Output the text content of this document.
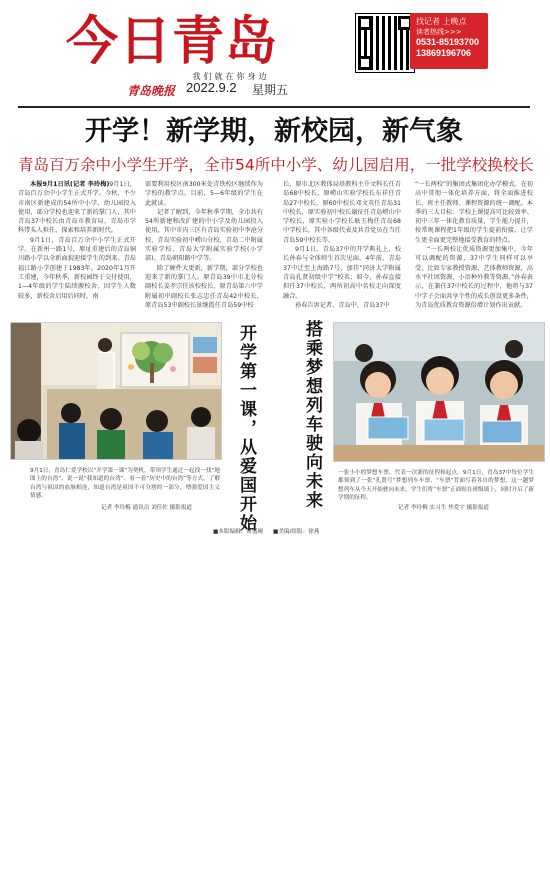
今日青岛
我们就在你身边
青岛晚报 2022.9.2 星期五
找记者 上晚点
读者热线>>>
0531-85193700
13869196706
开学！新学期，新校园，新气象
青岛百万余中小学生开学，全市54所中小学、幼儿园启用，一批学校换校长

本报9月1日讯(记者 李玲梅)9月1日，青岛百万余中小学生正式开学。今秋，不少市南区新建成的54所中小学、幼儿园投入使用，部分学校也迎来了新的掌门人，其中青岛37中校长由青岛市教育局、青岛市学科带头人担任，探索和培养新时代。

9月1日，青岛百万余中小学生正式开学。在新州一路1号，原址重建后的青岛铜川路小学以全新面貌迎接学生的到来。青岛福江路小学创建于1983年，2020年1月开工重建，今年秋季，新校园终于交付使用，1—4年级的学生陆续搬校舍。因学生人数较多，新校舍启用后同时，南

需要利用校区南300米处青铁校区继续作为学校的教学点。目前，5—6年级的学生在此就读。

记者了解到，今年秋季学期，全市共有54所新建和改扩建的中小学及幼儿园投入使用，其中市内三区有青岛实验初中李沧分校、青岛实验初中崂山分校、青岛二中附属实验学校、青岛大学附属实验学校(小学部)、青岛朝阳路中学等。

除了硬件大更新，新学期，部分学校也迎来了新的掌门人。原青岛39中市北分校副校长姜孝宗任该校校长，原青岛第六中学附属初中副校长张志忠任青岛42中校长，原青岛53中副校长景继霞任青岛59中校

长，原市北区教体局基教科主升文科长任青岛68中校长，原崂山实验学校长东祥任青岛27中校长，原60中校长邓文英任青岛31中校长，原实验初中校长谢征任青岛崂山中学校长，原实验小学校长耿玉梅任青岛68中学校长，其中各级代表及共青党员在当任青岛59中校长等。

9月1日，青岛37中的开学典礼上，校长孙春与全体师生首次见面。4年前，青岛37中迁至上海路7号，加挂“同济大学附属青岛孔贤初级中学”校名；如今，孙春直接担任37中校长，两所初高中名校走向深度融合。

孙春告诉记者，青岛中，青岛37中

“一长两校”的集团式集团化办学模式。在初高中贯彻一体化培养方面，将全面推进校长、班主任教师、课程资源的统一调配。本季的三大目标：学校上课提高可比较效率、初中三年一体化教育质量，学生能力提升，按常规课程把1年级的学生提前衔接，让学生更全面更完整地接受教育的特点。

“一长两校让优质资源更加集中，今年可以调配的资源，37中学生同样可以享受，比如专家教授资源，艺体教师资源，高水平社团资源、小语种外教等资源。”孙春表示，在兼任37中校长的过程中，他将与37中学子会面共享个性的成长创设更多条件，为青岛优质教育资源倍增计划作出贡献。

开学第一课，从爱国开始
9月1日，青岛仁爱学校以“开学第一课”为契机，带领学生通过一起找一找“地图上的台湾”、说一说“我知道的台湾”、看一看“历史中的台湾”等方式，了解台湾与祖国的血脉相连，知道台湾是祖国不可分割的一部分，增强爱国主义情感。
记者 李玲梅 通讯员 刘佳佐 摄影报道	搭乘梦想列车驶向未来	一张小小的梦想车票，代表一次新的征程和起点。9月1日，青岛37中每位学生都领到了一张“孔贤号”梦想列车车票，“车票”背面写着各自的梦想，这一趟梦想列车从今天开始驶向未来，学生们将“车票”正面贴在班级墙上，同时开启了新学期的征程。
记者 李玲梅 实习生 焦爱宇 摄影报道
■本版编辑：常盛婉 ■美编/组版：徐燕
